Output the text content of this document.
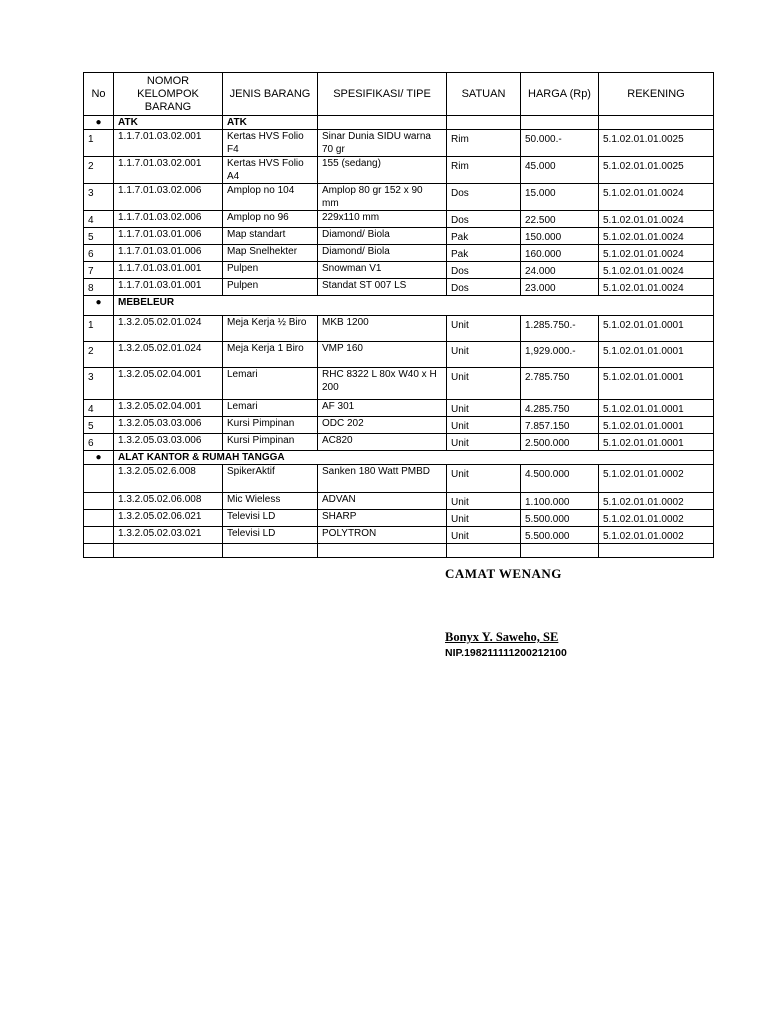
No	NOMOR KELOMPOK BARANG	JENIS BARANG	SPESIFIKASI/ TIPE	SATUAN	HARGA (Rp)	REKENING
●	ATK	ATK				
1	1.1.7.01.03.02.001	Kertas HVS Folio F4	Sinar Dunia SIDU warna 70 gr	Rim	50.000.-	5.1.02.01.01.0025
2	1.1.7.01.03.02.001	Kertas HVS Folio A4	155 (sedang)	Rim	45.000	5.1.02.01.01.0025
3	1.1.7.01.03.02.006	Amplop no 104	Amplop 80 gr 152 x 90 mm	Dos	15.000	5.1.02.01.01.0024
4	1.1.7.01.03.02.006	Amplop no 96	229x110 mm	Dos	22.500	5.1.02.01.01.0024
5	1.1.7.01.03.01.006	Map standart	Diamond/ Biola	Pak	150.000	5.1.02.01.01.0024
6	1.1.7.01.03.01.006	Map Snelhekter	Diamond/ Biola	Pak	160.000	5.1.02.01.01.0024
7	1.1.7.01.03.01.001	Pulpen	Snowman V1	Dos	24.000	5.1.02.01.01.0024
8	1.1.7.01.03.01.001	Pulpen	Standat ST 007 LS	Dos	23.000	5.1.02.01.01.0024
●	MEBELEUR					
1	1.3.2.05.02.01.024	Meja Kerja ½ Biro	MKB 1200	Unit	1.285.750.-	5.1.02.01.01.0001
2	1.3.2.05.02.01.024	Meja Kerja 1 Biro	VMP 160	Unit	1,929.000.-	5.1.02.01.01.0001
3	1.3.2.05.02.04.001	Lemari	RHC 8322 L 80x W40 x H 200	Unit	2.785.750	5.1.02.01.01.0001
4	1.3.2.05.02.04.001	Lemari	AF 301	Unit	4.285.750	5.1.02.01.01.0001
5	1.3.2.05.03.03.006	Kursi Pimpinan	ODC 202	Unit	7.857.150	5.1.02.01.01.0001
6	1.3.2.05.03.03.006	Kursi Pimpinan	AC820	Unit	2.500.000	5.1.02.01.01.0001
●	ALAT KANTOR & RUMAH TANGGA					
	1.3.2.05.02.6.008	SpikerAktif	Sanken 180 Watt PMBD	Unit	4.500.000	5.1.02.01.01.0002
	1.3.2.05.02.06.008	Mic Wieless	ADVAN	Unit	1.100.000	5.1.02.01.01.0002
	1.3.2.05.02.06.021	Televisi LD	SHARP	Unit	5.500.000	5.1.02.01.01.0002
	1.3.2.05.02.03.021	Televisi LD	POLYTRON	Unit	5.500.000	5.1.02.01.01.0002

CAMAT WENANG
Bonyx Y. Saweho, SE
NIP.198211111200212100
